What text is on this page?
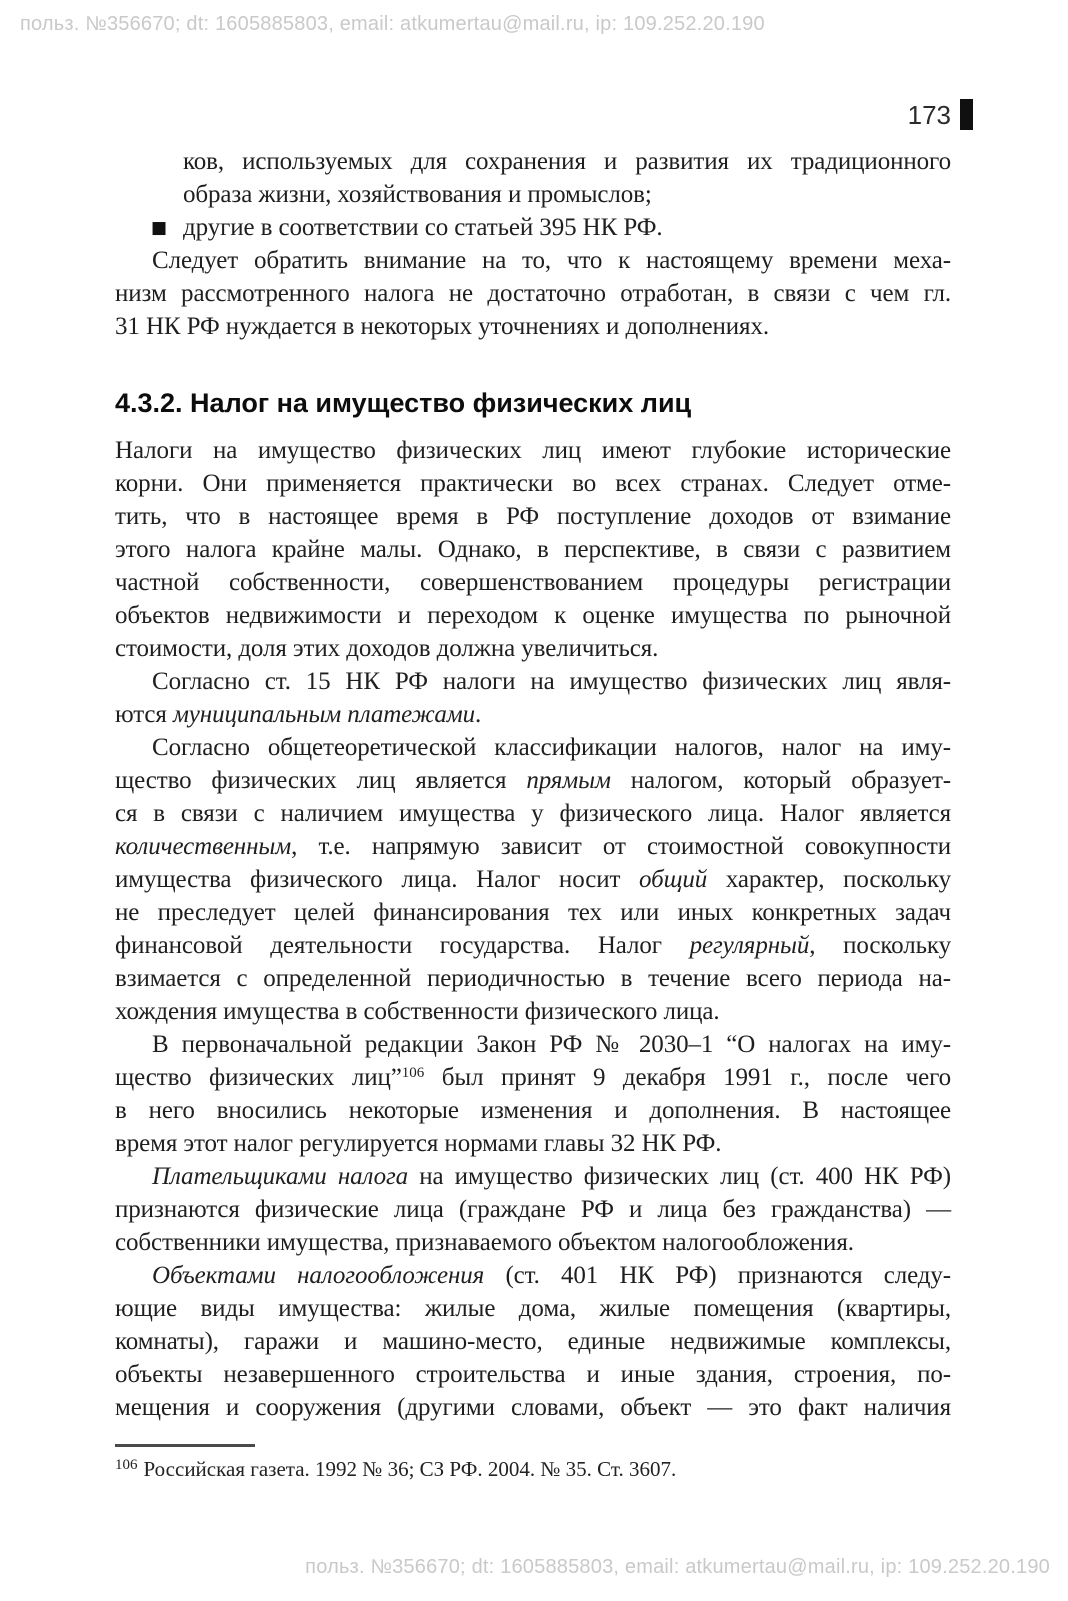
польз. №356670; dt: 1605885803, email: atkumertau@mail.ru, ip: 109.252.20.190
173
ков, используемых для сохранения и развития их традиционного
образа жизни, хозяйствования и промыслов;
■ другие в соответствии со статьей 395 НК РФ.
Следует обратить внимание на то, что к настоящему времени меха-
низм рассмотренного налога не достаточно отработан, в связи с чем гл.
31 НК РФ нуждается в некоторых уточнениях и дополнениях.
4.3.2. Налог на имущество физических лиц
Налоги на имущество физических лиц имеют глубокие исторические
корни. Они применяется практически во всех странах. Следует отме-
тить, что в настоящее время в РФ поступление доходов от взимание
этого налога крайне малы. Однако, в перспективе, в связи с развитием
частной собственности, совершенствованием процедуры регистрации
объектов недвижимости и переходом к оценке имущества по рыночной
стоимости, доля этих доходов должна увеличиться.
Согласно ст. 15 НК РФ налоги на имущество физических лиц явля-
ются муниципальным платежами.
Согласно общетеоретической классификации налогов, налог на иму-
щество физических лиц является прямым налогом, который образует-
ся в связи с наличием имущества у физического лица. Налог является
количественным, т.е. напрямую зависит от стоимостной совокупности
имущества физического лица. Налог носит общий характер, поскольку
не преследует целей финансирования тех или иных конкретных задач
финансовой деятельности государства. Налог регулярный, поскольку
взимается с определенной периодичностью в течение всего периода на-
хождения имущества в собственности физического лица.
В первоначальной редакции Закон РФ № 2030–1 “О налогах на иму-
щество физических лиц”$^{106}$ был принят 9 декабря 1991 г., после чего
в него вносились некоторые изменения и дополнения. В настоящее
время этот налог регулируется нормами главы 32 НК РФ.
Плательщиками налога на имущество физических лиц (ст. 400 НК РФ)
признаются физические лица (граждане РФ и лица без гражданства) —
собственники имущества, признаваемого объектом налогообложения.
Объектами налогообложения (ст. 401 НК РФ) признаются следу-
ющие виды имущества: жилые дома, жилые помещения (квартиры,
комнаты), гаражи и машино-место, единые недвижимые комплексы,
объекты незавершенного строительства и иные здания, строения, по-
мещения и сооружения (другими словами, объект — это факт наличия
$^{106}$ Российская газета. 1992 № 36; СЗ РФ. 2004. № 35. Ст. 3607.
польз. №356670; dt: 1605885803, email: atkumertau@mail.ru, ip: 109.252.20.190
